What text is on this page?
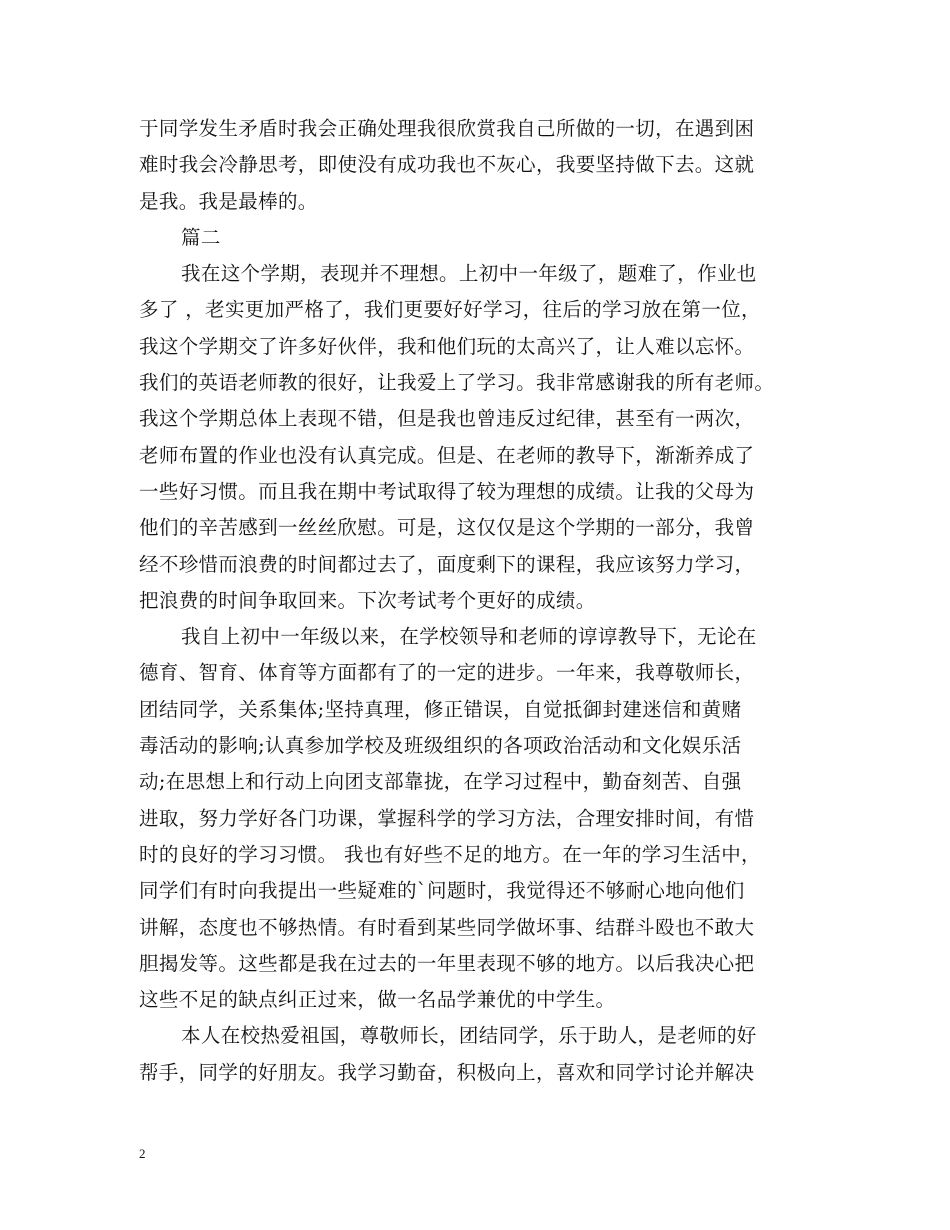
于同学发生矛盾时我会正确处理我很欣赏我自己所做的一切，在遇到困
难时我会冷静思考，即使没有成功我也不灰心，我要坚持做下去。这就
是我。我是最棒的。
篇二
我在这个学期，表现并不理想。上初中一年级了，题难了，作业也
多了 ，老实更加严格了，我们更要好好学习，往后的学习放在第一位，
我这个学期交了许多好伙伴，我和他们玩的太高兴了，让人难以忘怀。
我们的英语老师教的很好，让我爱上了学习。我非常感谢我的所有老师。
我这个学期总体上表现不错，但是我也曾违反过纪律，甚至有一两次，
老师布置的作业也没有认真完成。但是、在老师的教导下，渐渐养成了
一些好习惯。而且我在期中考试取得了较为理想的成绩。让我的父母为
他们的辛苦感到一丝丝欣慰。可是，这仅仅是这个学期的一部分，我曾
经不珍惜而浪费的时间都过去了，面度剩下的课程，我应该努力学习，
把浪费的时间争取回来。下次考试考个更好的成绩。
我自上初中一年级以来，在学校领导和老师的谆谆教导下，无论在
德育、智育、体育等方面都有了的一定的进步。一年来，我尊敬师长，
团结同学，关系集体;坚持真理，修正错误，自觉抵御封建迷信和黄赌
毒活动的影响;认真参加学校及班级组织的各项政治活动和文化娱乐活
动;在思想上和行动上向团支部靠拢，在学习过程中，勤奋刻苦、自强
进取，努力学好各门功课，掌握科学的学习方法，合理安排时间，有惜
时的良好的学习习惯。 我也有好些不足的地方。在一年的学习生活中，
同学们有时向我提出一些疑难的`问题时，我觉得还不够耐心地向他们
讲解，态度也不够热情。有时看到某些同学做坏事、结群斗殴也不敢大
胆揭发等。这些都是我在过去的一年里表现不够的地方。以后我决心把
这些不足的缺点纠正过来，做一名品学兼优的中学生。
本人在校热爱祖国，尊敬师长，团结同学，乐于助人，是老师的好
帮手，同学的好朋友。我学习勤奋，积极向上，喜欢和同学讨论并解决
2
